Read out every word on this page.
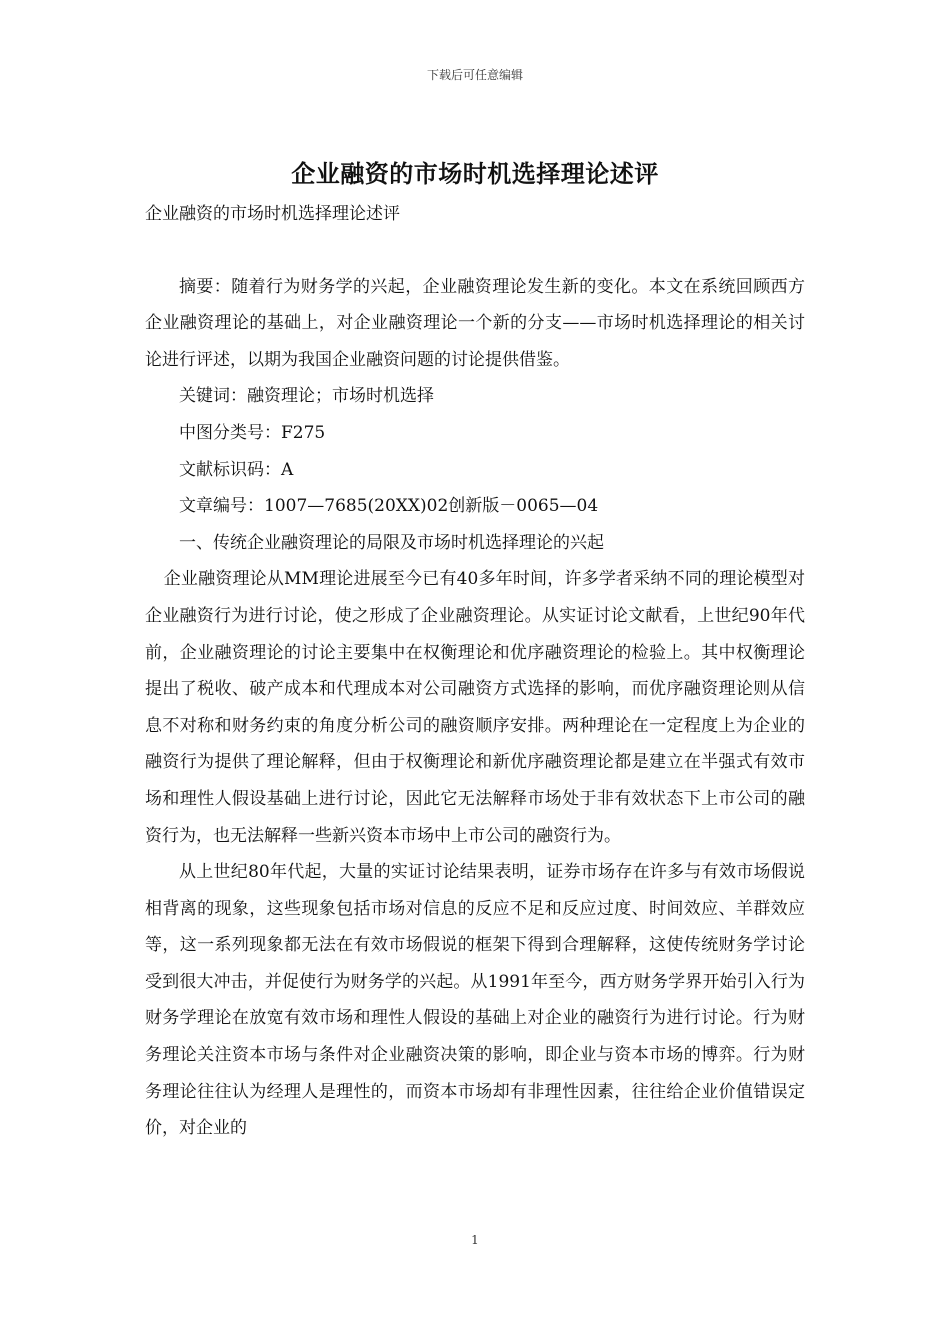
下载后可任意编辑
企业融资的市场时机选择理论述评

企业融资的市场时机选择理论述评

摘要：随着行为财务学的兴起，企业融资理论发生新的变化。本文在系统回顾西方企业融资理论的基础上，对企业融资理论一个新的分支——市场时机选择理论的相关讨论进行评述，以期为我国企业融资问题的讨论提供借鉴。

关键词：融资理论；市场时机选择

中图分类号：F275

文献标识码：A

文章编号：1007—7685(20XX)02创新版－0065—04

一、传统企业融资理论的局限及市场时机选择理论的兴起

企业融资理论从MM理论进展至今已有40多年时间，许多学者采纳不同的理论模型对企业融资行为进行讨论，使之形成了企业融资理论。从实证讨论文献看，上世纪90年代前，企业融资理论的讨论主要集中在权衡理论和优序融资理论的检验上。其中权衡理论提出了税收、破产成本和代理成本对公司融资方式选择的影响，而优序融资理论则从信息不对称和财务约束的角度分析公司的融资顺序安排。两种理论在一定程度上为企业的融资行为提供了理论解释，但由于权衡理论和新优序融资理论都是建立在半强式有效市场和理性人假设基础上进行讨论，因此它无法解释市场处于非有效状态下上市公司的融资行为，也无法解释一些新兴资本市场中上市公司的融资行为。

从上世纪80年代起，大量的实证讨论结果表明，证券市场存在许多与有效市场假说相背离的现象，这些现象包括市场对信息的反应不足和反应过度、时间效应、羊群效应等，这一系列现象都无法在有效市场假说的框架下得到合理解释，这使传统财务学讨论受到很大冲击，并促使行为财务学的兴起。从1991年至今，西方财务学界开始引入行为财务学理论在放宽有效市场和理性人假设的基础上对企业的融资行为进行讨论。行为财务理论关注资本市场与条件对企业融资决策的影响，即企业与资本市场的博弈。行为财务理论往往认为经理人是理性的，而资本市场却有非理性因素，往往给企业价值错误定价，对企业的

1
